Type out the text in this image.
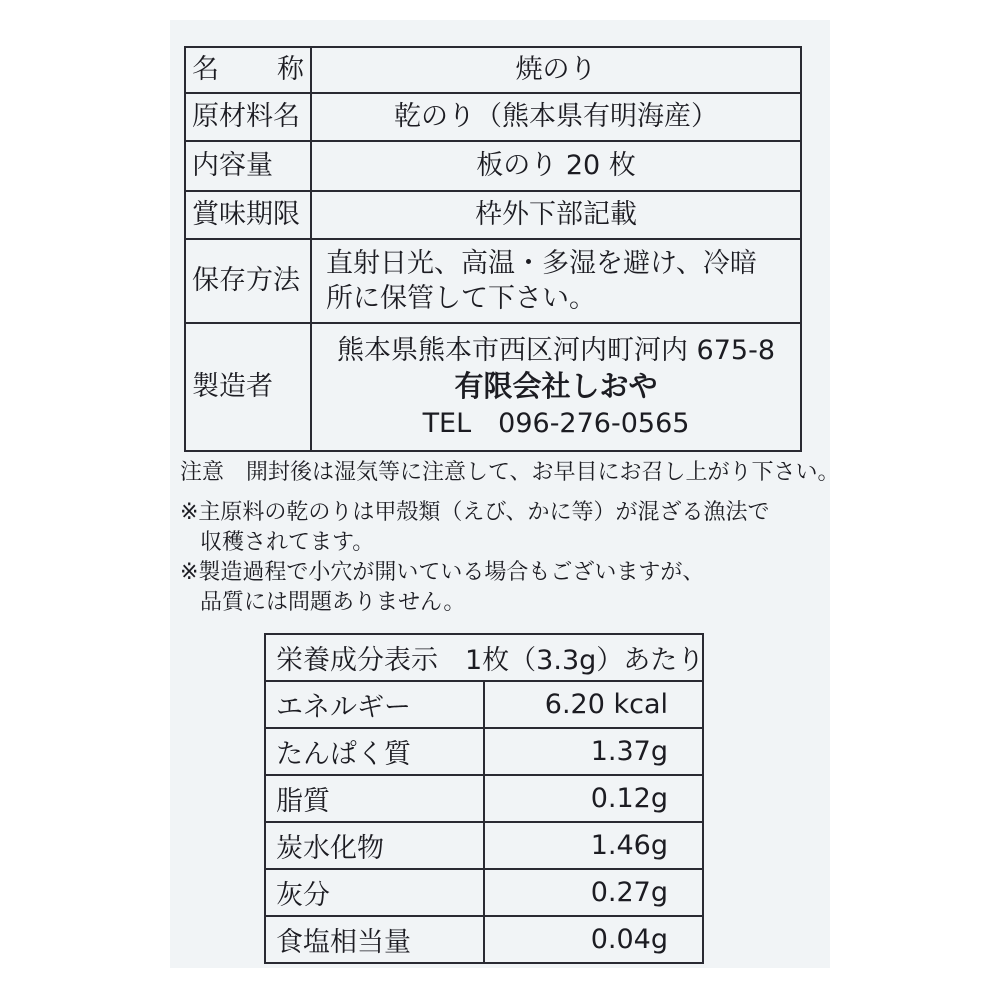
名 称	焼のり
原材料名	乾のり（熊本県有明海産）
内容量	板のり 20 枚
賞味期限	枠外下部記載
保存方法	直射日光、高温・多湿を避け、冷暗
所に保管して下さい。

製造者	熊本県熊本市西区河内町河内 675-8
有限会社しおや
TEL　096-276-0565

注意　開封後は湿気等に注意して、お早目にお召し上がり下さい。

※主原料の乾のりは甲殻類（えび、かに等）が混ざる漁法で

収穫されてます。

※製造過程で小穴が開いている場合もございますが、

品質には問題ありません。

栄養成分表示　1枚（3.3g）あたり	
エネルギー	6.20 kcal
たんぱく質	1.37g
脂質	0.12g
炭水化物	1.46g
灰分	0.27g
食塩相当量	0.04g
